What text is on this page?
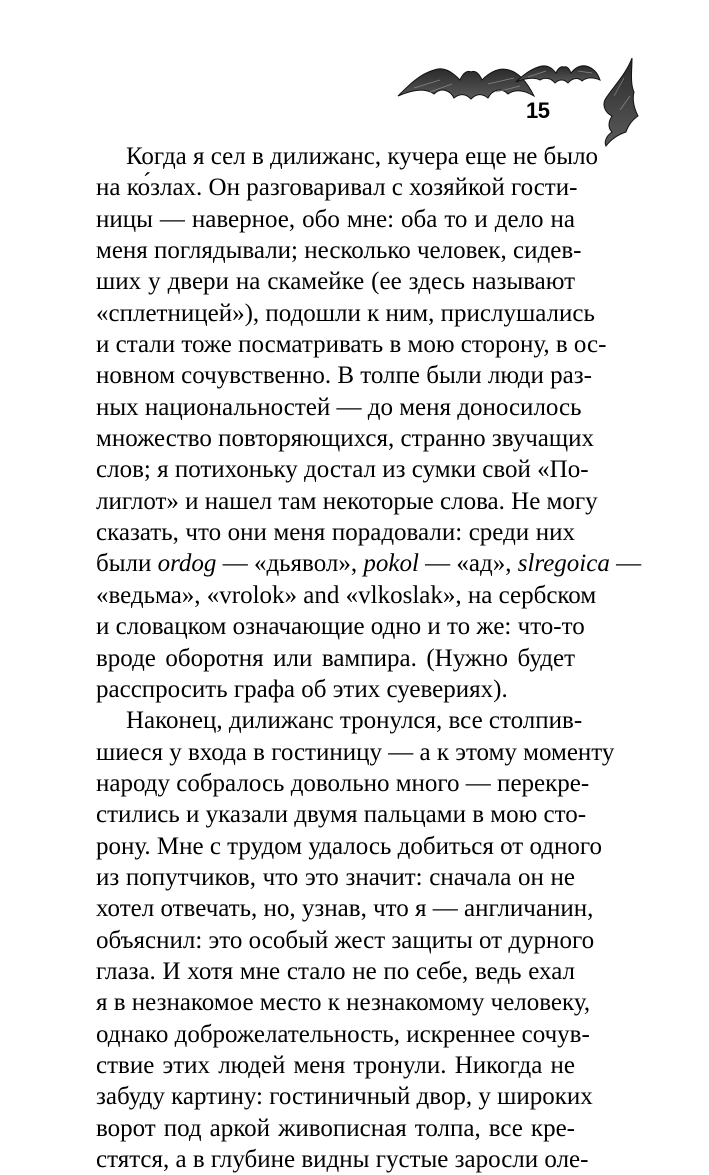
15
Когда я сел в дилижанс, кучера еще не было
на ко́злах. Он разговаривал с хозяйкой гости-
ницы — наверное, обо мне: оба то и дело на
меня поглядывали; несколько человек, сидев-
ших у двери на скамейке (ее здесь называют
«сплетницей»), подошли к ним, прислушались
и стали тоже посматривать в мою сторону, в ос-
новном сочувственно. В толпе были люди раз-
ных национальностей — до меня доносилось
множество повторяющихся, странно звучащих
слов; я потихоньку достал из сумки свой «По-
лиглот» и нашел там некоторые слова. Не могу
сказать, что они меня порадовали: среди них
были ordog — «дьявол», pokol — «ад», slregoica —
«ведьма», «vrolok» and «vlkoslak», на сербском
и словацком означающие одно и то же: что-то
вроде оборотня или вампира. (Нужно будет
расспросить графа об этих суевериях).
Наконец, дилижанс тронулся, все столпив-
шиеся у входа в гостиницу — а к этому моменту
народу собралось довольно много — перекре-
стились и указали двумя пальцами в мою сто-
рону. Мне с трудом удалось добиться от одного
из попутчиков, что это значит: сначала он не
хотел отвечать, но, узнав, что я — англичанин,
объяснил: это особый жест защиты от дурного
глаза. И хотя мне стало не по себе, ведь ехал
я в незнакомое место к незнакомому человеку,
однако доброжелательность, искреннее сочув-
ствие этих людей меня тронули. Никогда не
забуду картину: гостиничный двор, у широких
ворот под аркой живописная толпа, все кре-
стятся, а в глубине видны густые заросли оле-
